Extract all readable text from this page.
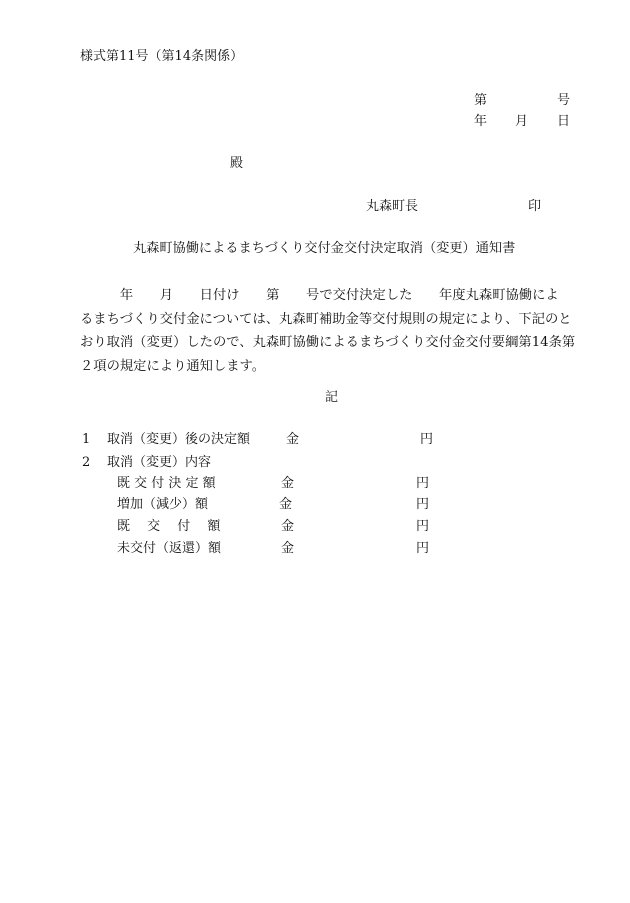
様式第11号（第14条関係）
第	号
年 月 日
殿
丸森町長	印
丸森町協働によるまちづくり交付金交付決定取消（変更）通知書

　　　年　　月　　日付け　　第　　号で交付決定した　　年度丸森町協働によ

るまちづくり交付金については、丸森町補助金等交付規則の規定により、下記のと

おり取消（変更）したので、丸森町協働によるまちづくり交付金交付要綱第14条第

２項の規定により通知します。

記
1 取消（変更）後の決定額	金	円
2 取消（変更）内容
既 交 付 決 定 額	金	円
増加（減少）額	金	円
既　 交　 付　 額	金	円
未交付（返還）額	金	円
